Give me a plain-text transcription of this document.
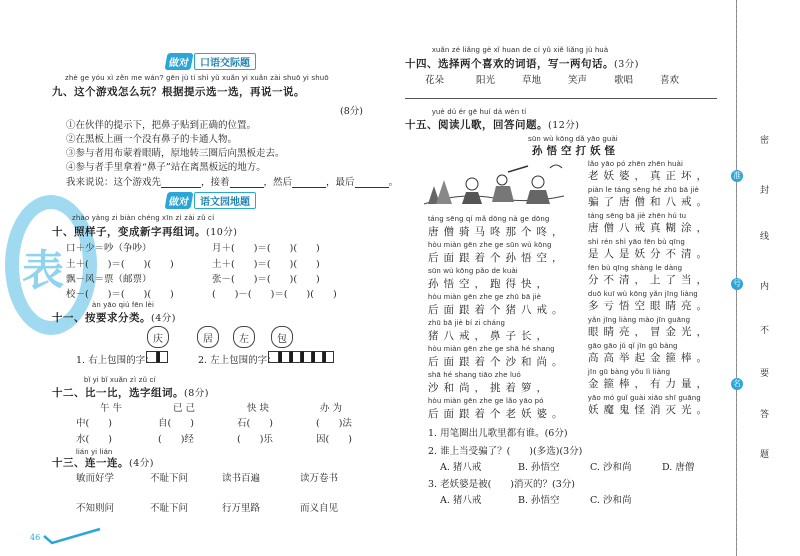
表
做对	口语交际题
zhè ge yóu xì zěn me wán? gēn jù tí shì yǔ xuǎn yi xuǎn zài shuō yi shuō
九、这个游戏怎么玩？根据提示选一选，再说一说。
(8分)
①在伙伴的提示下，把鼻子贴到正确的位置。
②在黑板上画一个没有鼻子的卡通人物。
③参与者用布蒙着眼睛，原地转三圈后向黑板走去。
④参与者手里拿着“鼻子”站在离黑板远的地方。
我来说说：这个游戏先	，接着	，然后	，最后	。
做对	语文园地题
zhào yàng zi biàn chéng xīn zì zài zǔ cí
十、照样子，变成新字再组词。(10分)
口＋少＝吵（争吵）	月＋(　　)＝(　　)(　　)
土＋(　　)＝(　　)(　　)	土＋(　　)＝(　　)(　　)
飘－风＝票（邮票）	张－(　　)＝(　　)(　　)
校－(　　)＝(　　)(　　)	(　　)－(　　)＝(　　)(　　)
àn yāo qiú fēn lèi
十一、按要求分类。(4分)
庆	居	左	包
1. 右上包围的字：	2. 左上包围的字：
bǐ yi bǐ xuǎn zì zǔ cí
十二、比一比，选字组词。(8分)
午 牛	已 己	快 块	办 为
中(　　)	自(　　)	石(　　)	(　　)法
水(　　)	(　　)经	(　　)乐	因(　　)
lián yi lián
十三、连一连。(4分)
敏而好学	不耻下问	读书百遍	读万卷书
不知则问	不耻下问	行万里路	而义自见
46
xuǎn zé liǎng gè xǐ huan de cí yǔ xiě liǎng jù huà
十四、选择两个喜欢的词语，写一两句话。(3分)
花朵	阳光	草地	笑声	歌唱	喜欢
yuè dú ér gē huí dá wèn tí
十五、阅读儿歌，回答问题。(12分)
sūn wù kōng dǎ yāo guài
孙悟空打妖怪
táng sēng qí mǎ dōng nà ge dōng
唐僧骑马咚那个咚，
hòu miàn gēn zhe ge sūn wù kōng
后面跟着个孙悟空，
sūn wù kōng pǎo de kuài
孙悟空，跑得快，
hòu miàn gēn zhe ge zhū bā jiè
后面跟着个猪八戒。
zhū bā jiè bí zi cháng
猪八戒，鼻子长，
hòu miàn gēn zhe ge shā hé shang
后面跟着个沙和尚。
shā hé shang tiāo zhe luó
沙和尚，挑着箩，
hòu miàn gēn zhe ge lǎo yāo pó
后面跟着个老妖婆。
lǎo yāo pó zhēn zhēn huài
老妖婆，真正坏，
piàn le táng sēng hé zhū bā jiè
骗了唐僧和八戒。
táng sēng bā jiè zhēn hú tu
唐僧八戒真糊涂，
shì rén shì yāo fēn bù qīng
是人是妖分不清。
fēn bù qīng shàng le dàng
分不清，上了当，
duō kuī wù kōng yǎn jīng liàng
多亏悟空眼睛亮。
yǎn jīng liàng mào jīn guāng
眼睛亮，冒金光，
gāo gāo jǔ qǐ jīn gū bàng
高高举起金箍棒。
jīn gū bàng yǒu lì liàng
金箍棒，有力量，
yāo mó guǐ guài xiāo shī guāng
妖魔鬼怪消灭光。
1. 用笔圈出儿歌里都有谁。(6分)
2. 谁上当受骗了？(　　)(多选)(3分)
A. 猪八戒	B. 孙悟空	C. 沙和尚	D. 唐僧
3. 老妖婆是被(　　)消灭的？(3分)
A. 猪八戒	B. 孙悟空	C. 沙和尚
准
号
名
密
封
线
内
不
要
答
题
